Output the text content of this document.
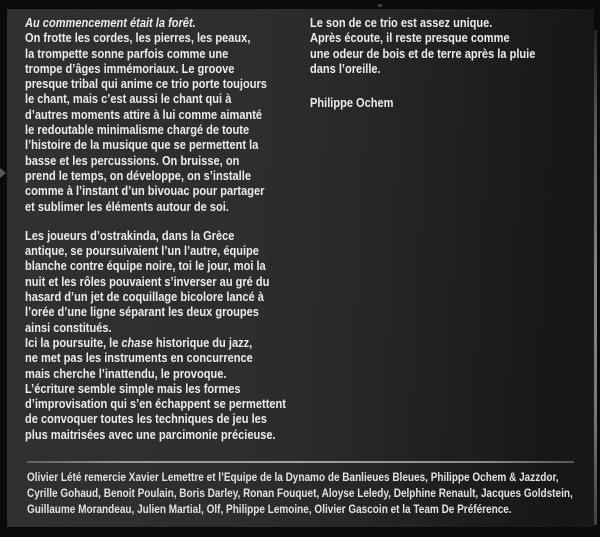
Au commencement était la forêt.
On frotte les cordes, les pierres, les peaux,
la trompette sonne parfois comme une
trompe d’âges immémoriaux. Le groove
presque tribal qui anime ce trio porte toujours
le chant, mais c’est aussi le chant qui à
d’autres moments attire à lui comme aimanté
le redoutable minimalisme chargé de toute
l’histoire de la musique que se permettent la
basse et les percussions. On bruisse, on
prend le temps, on développe, on s’installe
comme à l’instant d’un bivouac pour partager
et sublimer les éléments autour de soi.
Les joueurs d’ostrakinda, dans la Grèce
antique, se poursuivaient l’un l’autre, équipe
blanche contre équipe noire, toi le jour, moi la
nuit et les rôles pouvaient s’inverser au gré du
hasard d’un jet de coquillage bicolore lancé à
l’orée d’une ligne séparant les deux groupes
ainsi constitués.
Ici la poursuite, le chase historique du jazz,
ne met pas les instruments en concurrence
mais cherche l’inattendu, le provoque.
L’écriture semble simple mais les formes
d’improvisation qui s’en échappent se permettent
de convoquer toutes les techniques de jeu les
plus maitrisées avec une parcimonie précieuse.
Le son de ce trio est assez unique.
Après écoute, il reste presque comme
une odeur de bois et de terre après la pluie
dans l’oreille.
Philippe Ochem
Olivier Lété remercie Xavier Lemettre et l’Equipe de la Dynamo de Banlieues Bleues, Philippe Ochem & Jazzdor,
Cyrille Gohaud, Benoit Poulain, Boris Darley, Ronan Fouquet, Aloyse Leledy, Delphine Renault, Jacques Goldstein,
Guillaume Morandeau, Julien Martial, Olf, Philippe Lemoine, Olivier Gascoin et la Team De Préférence.
